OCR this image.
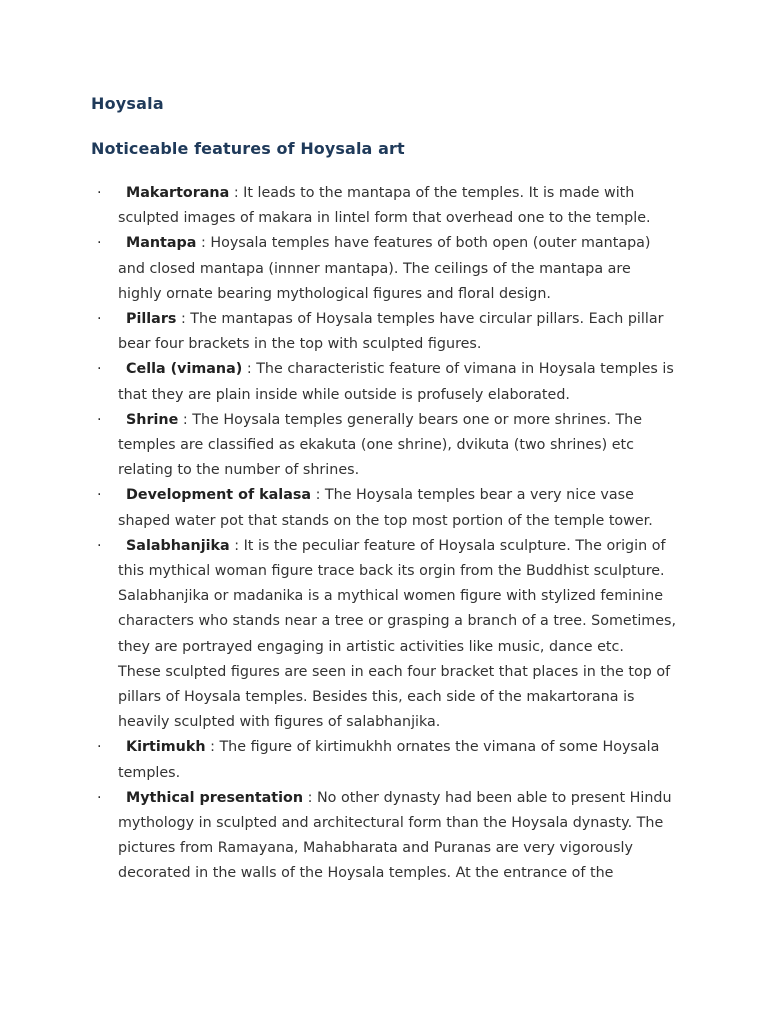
Hoysala
Noticeable features of Hoysala art
·	Makartorana : It leads to the mantapa of the temples. It is made with sculpted images of makara in lintel form that overhead one to the temple.
·	Mantapa : Hoysala temples have features of both open (outer mantapa) and closed mantapa (innner mantapa). The ceilings of the mantapa are highly ornate bearing mythological figures and floral design.
·	Pillars : The mantapas of Hoysala temples have circular pillars. Each pillar bear four brackets in the top with sculpted figures.
·	Cella (vimana) : The characteristic feature of vimana in Hoysala temples is that they are plain inside while outside is profusely elaborated.
·	Shrine : The Hoysala temples generally bears one or more shrines. The temples are classified as ekakuta (one shrine), dvikuta (two shrines) etc relating to the number of shrines.
·	Development of kalasa : The Hoysala temples bear a very nice vase shaped water pot that stands on the top most portion of the temple tower.
·	Salabhanjika : It is the peculiar feature of Hoysala sculpture. The origin of this mythical woman figure trace back its orgin from the Buddhist sculpture. Salabhanjika or madanika is a mythical women figure with stylized feminine characters who stands near a tree or grasping a branch of a tree. Sometimes, they are portrayed engaging in artistic activities like music, dance etc.
These sculpted figures are seen in each four bracket that places in the top of pillars of Hoysala temples. Besides this, each side of the makartorana is heavily sculpted with figures of salabhanjika.
·	Kirtimukh : The figure of kirtimukhh ornates the vimana of some Hoysala temples.
·	Mythical presentation : No other dynasty had been able to present Hindu mythology in sculpted and architectural form than the Hoysala dynasty. The pictures from Ramayana, Mahabharata and Puranas are very vigorously decorated in the walls of the Hoysala temples. At the entrance of the
